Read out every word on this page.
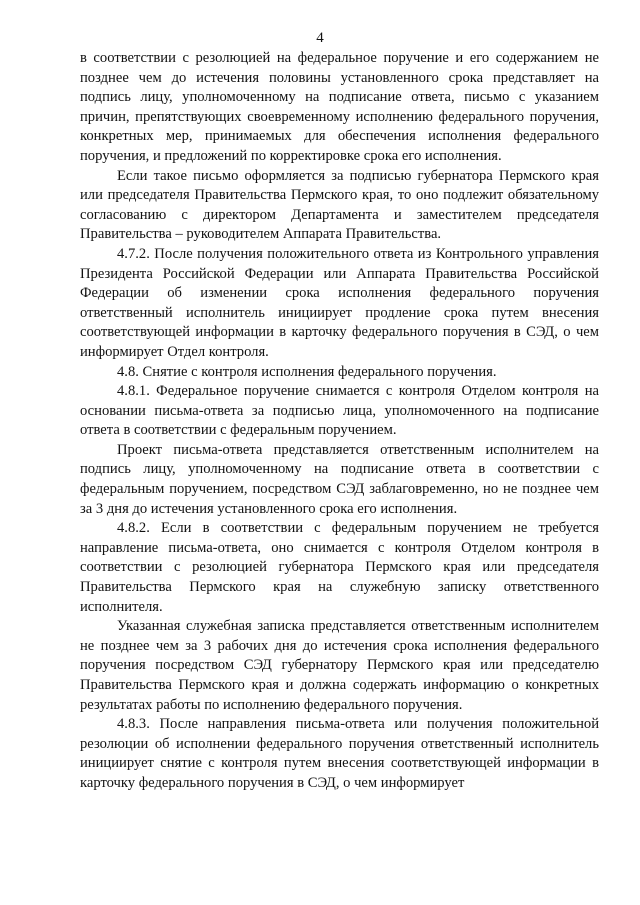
4

в соответствии с резолюцией на федеральное поручение и его содержанием не позднее чем до истечения половины установленного срока представляет на подпись лицу, уполномоченному на подписание ответа, письмо с указанием причин, препятствующих своевременному исполнению федерального поручения, конкретных мер, принимаемых для обеспечения исполнения федерального поручения, и предложений по корректировке срока его исполнения.

Если такое письмо оформляется за подписью губернатора Пермского края или председателя Правительства Пермского края, то оно подлежит обязательному согласованию с директором Департамента и заместителем председателя Правительства – руководителем Аппарата Правительства.

4.7.2. После получения положительного ответа из Контрольного управления Президента Российской Федерации или Аппарата Правительства Российской Федерации об изменении срока исполнения федерального поручения ответственный исполнитель инициирует продление срока путем внесения соответствующей информации в карточку федерального поручения в СЭД, о чем информирует Отдел контроля.

4.8. Снятие с контроля исполнения федерального поручения.

4.8.1. Федеральное поручение снимается с контроля Отделом контроля на основании письма-ответа за подписью лица, уполномоченного на подписание ответа в соответствии с федеральным поручением.

Проект письма-ответа представляется ответственным исполнителем на подпись лицу, уполномоченному на подписание ответа в соответствии с федеральным поручением, посредством СЭД заблаговременно, но не позднее чем за 3 дня до истечения установленного срока его исполнения.

4.8.2. Если в соответствии с федеральным поручением не требуется направление письма-ответа, оно снимается с контроля Отделом контроля в соответствии с резолюцией губернатора Пермского края или председателя Правительства Пермского края на служебную записку ответственного исполнителя.

Указанная служебная записка представляется ответственным исполнителем не позднее чем за 3 рабочих дня до истечения срока исполнения федерального поручения посредством СЭД губернатору Пермского края или председателю Правительства Пермского края и должна содержать информацию о конкретных результатах работы по исполнению федерального поручения.

4.8.3. После направления письма-ответа или получения положительной резолюции об исполнении федерального поручения ответственный исполнитель инициирует снятие с контроля путем внесения соответствующей информации в карточку федерального поручения в СЭД, о чем информирует
